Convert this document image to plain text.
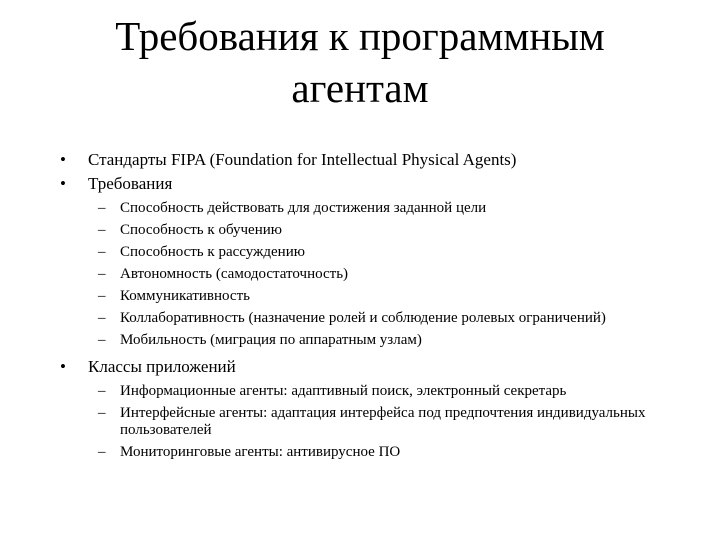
Требования к программным
агентам
• Стандарты FIPA (Foundation for Intellectual Physical Agents)
• Требования
– Способность действовать для достижения заданной цели
– Способность к обучению
– Способность к рассуждению
– Автономность (самодостаточность)
– Коммуникативность
– Коллаборативность (назначение ролей и соблюдение ролевых ограничений)
– Мобильность (миграция по аппаратным узлам)
• Классы приложений
– Информационные агенты: адаптивный поиск, электронный секретарь
– Интерфейсные агенты: адаптация интерфейса под предпочтения индивидуальных пользователей
– Мониторинговые агенты: антивирусное ПО
